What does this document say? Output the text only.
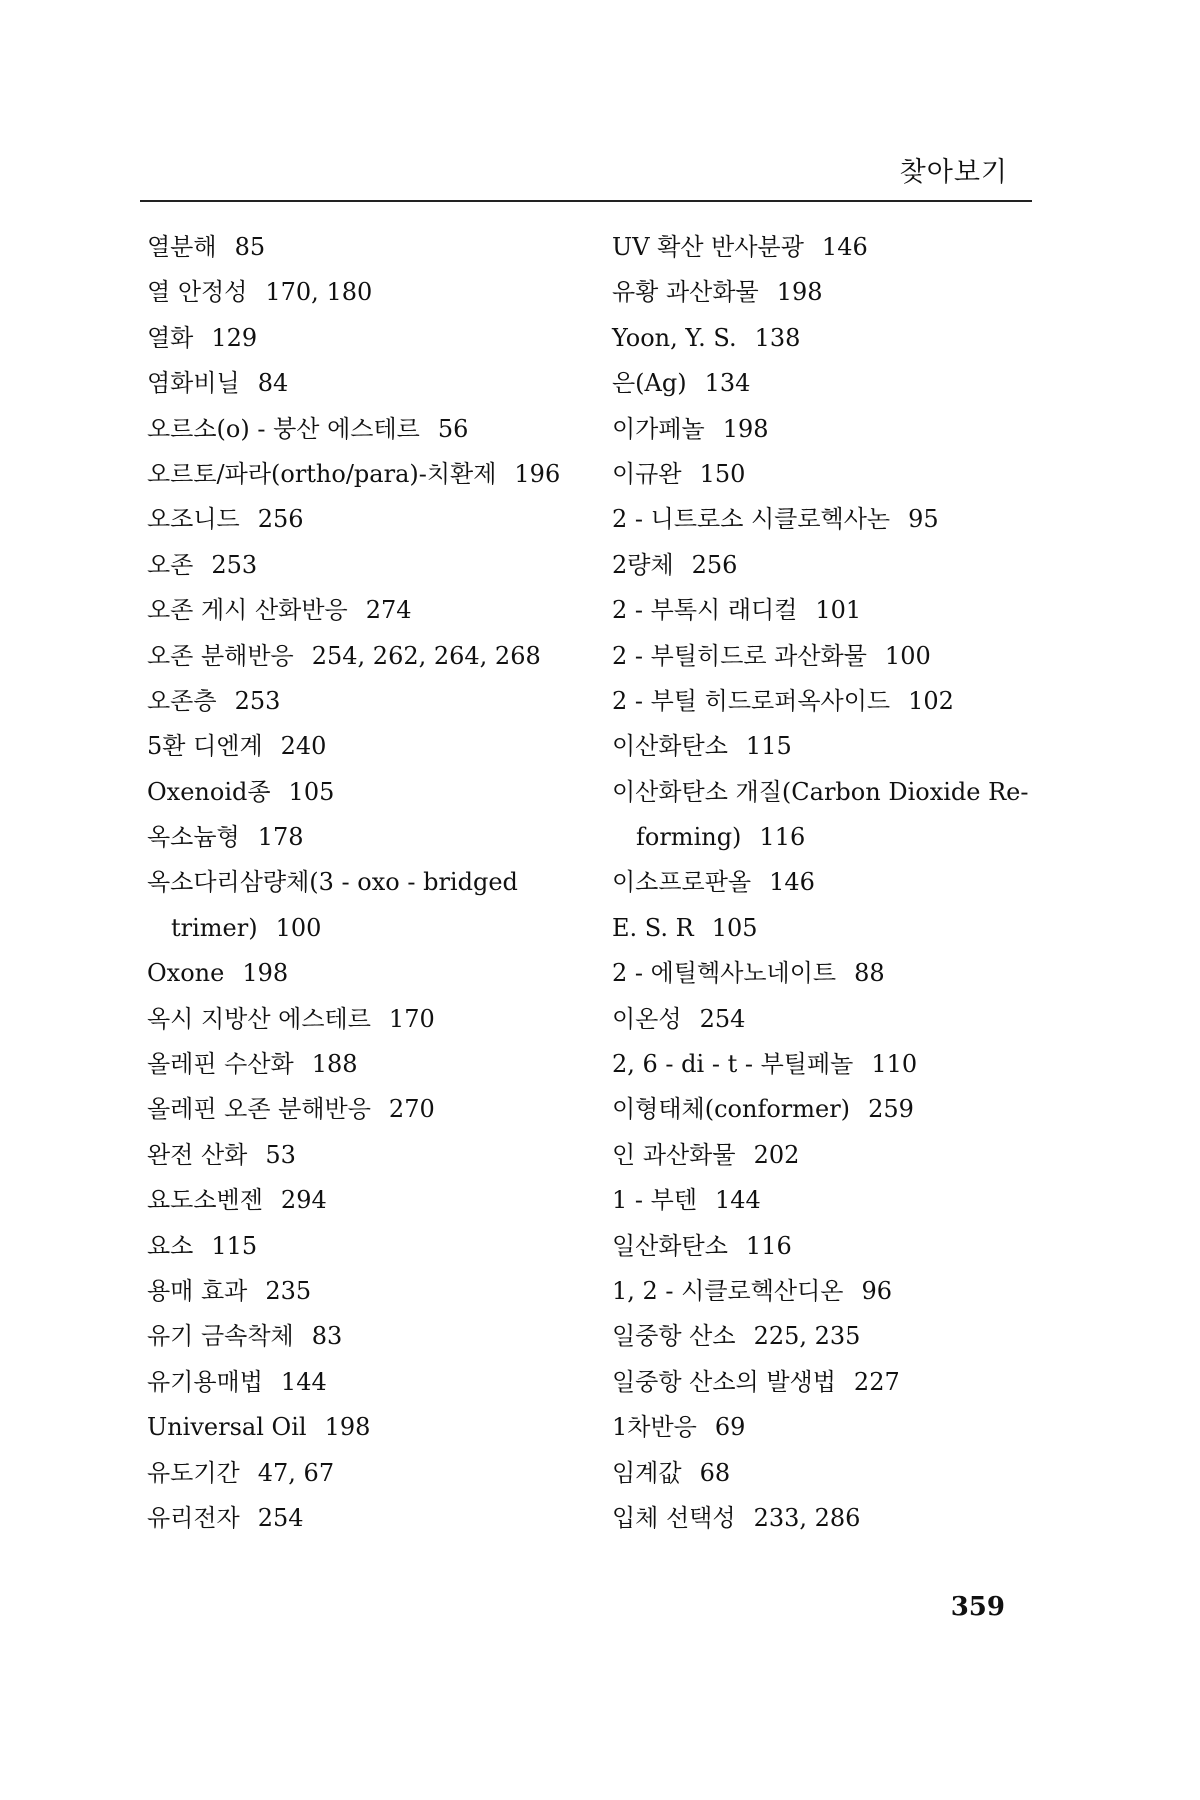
찾아보기
열분해 85
열 안정성 170, 180
열화 129
염화비닐 84
오르소(o) - 붕산 에스테르 56
오르토/파라(ortho/para)-치환제 196
오조니드 256
오존 253
오존 게시 산화반응 274
오존 분해반응 254, 262, 264, 268
오존층 253
5환 디엔계 240
Oxenoid종 105
옥소늄형 178
옥소다리삼량체(3 - oxo - bridged
trimer) 100
Oxone 198
옥시 지방산 에스테르 170
올레핀 수산화 188
올레핀 오존 분해반응 270
완전 산화 53
요도소벤젠 294
요소 115
용매 효과 235
유기 금속착체 83
유기용매법 144
Universal Oil 198
유도기간 47, 67
유리전자 254
UV 확산 반사분광 146
유황 과산화물 198
Yoon, Y. S. 138
은(Ag) 134
이가페놀 198
이규완 150
2 - 니트로소 시클로헥사논 95
2량체 256
2 - 부톡시 래디컬 101
2 - 부틸히드로 과산화물 100
2 - 부틸 히드로퍼옥사이드 102
이산화탄소 115
이산화탄소 개질(Carbon Dioxide Re-
forming) 116
이소프로판올 146
E. S. R 105
2 - 에틸헥사노네이트 88
이온성 254
2, 6 - di - t - 부틸페놀 110
이형태체(conformer) 259
인 과산화물 202
1 - 부텐 144
일산화탄소 116
1, 2 - 시클로헥산디온 96
일중항 산소 225, 235
일중항 산소의 발생법 227
1차반응 69
임계값 68
입체 선택성 233, 286
359
